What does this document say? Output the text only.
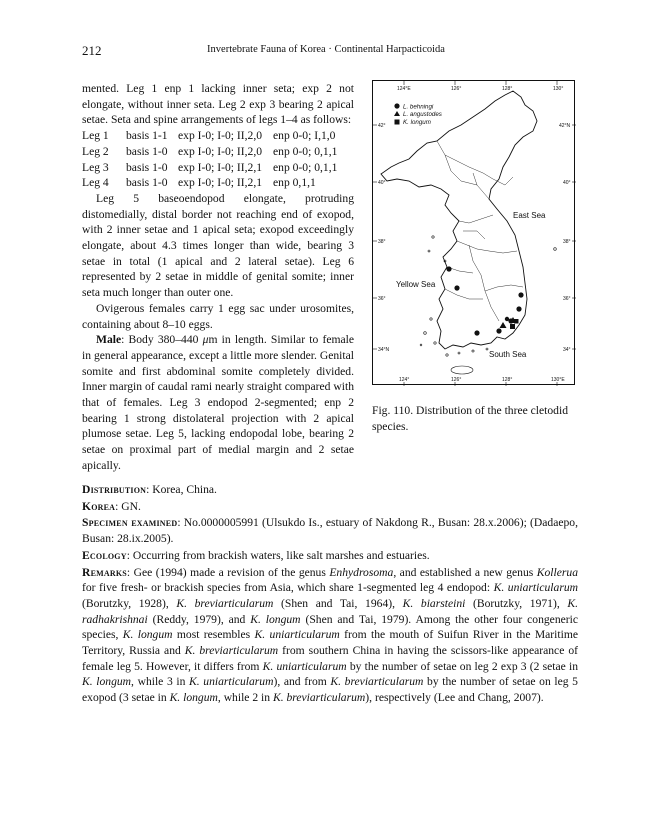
212	Invertebrate Fauna of Korea · Continental Harpacticoida

mented. Leg 1 enp 1 lacking inner seta; exp 2 not elongate, without inner seta. Leg 2 exp 3 bearing 2 apical setae. Seta and spine arrangements of legs 1–4 as follows:

Leg 1	basis 1-1 exp I-0; I-0; II,2,0 enp 0-0; I,1,0
Leg 2	basis 1-0 exp I-0; I-0; II,2,0 enp 0-0; 0,1,1
Leg 3	basis 1-0 exp I-0; I-0; II,2,1 enp 0-0; 0,1,1
Leg 4	basis 1-0 exp I-0; I-0; II,2,1 enp 0,1,1

Leg 5 baseoendopod elongate, protruding distomedially, distal border not reaching end of exopod, with 2 inner setae and 1 apical seta; exopod exceedingly elongate, about 4.3 times longer than wide, bearing 3 setae in total (1 apical and 2 lateral setae). Leg 6 represented by 2 setae in middle of genital somite; inner seta much longer than outer one.

Ovigerous females carry 1 egg sac under urosomites, containing about 8–10 eggs.

Male: Body 380–440 μm in length. Similar to female in general appearance, except a little more slender. Genital somite and first abdominal somite completely divided. Inner margin of caudal rami nearly straight compared with that of females. Leg 3 endopod 2-segmented; enp 2 bearing 1 strong distolateral projection with 2 apical plumose setae. Leg 5, lacking endopodal lobe, bearing 2 setae on proximal part of medial margin and 2 setae apically.

124°E	126°	128°	130°
124°	126°	128°	130°E
42°
40°
38°
36°
34°N
42°N
40°
38°
36°
34°
L. behningi
L. angustodes
K. longum
East Sea
Yellow Sea
South Sea
Fig. 110. Distribution of the three cletodid species.

Distribution: Korea, China.

Korea: GN.

Specimen examined: No.0000005991 (Ulsukdo Is., estuary of Nakdong R., Busan: 28.x.2006); (Dadaepo, Busan: 28.ix.2005).

Ecology: Occurring from brackish waters, like salt marshes and estuaries.

Remarks: Gee (1994) made a revision of the genus Enhydrosoma, and established a new genus Kollerua for five fresh- or brackish species from Asia, which share 1-segmented leg 4 endopod: K. uniarticularum (Borutzky, 1928), K. breviarticularum (Shen and Tai, 1964), K. biarsteini (Borutzky, 1971), K. radhakrishnai (Reddy, 1979), and K. longum (Shen and Tai, 1979). Among the other four congeneric species, K. longum most resembles K. uniarticularum from the mouth of Suifun River in the Maritime Territory, Russia and K. breviarticularum from southern China in having the scissors-like appearance of female leg 5. However, it differs from K. uniarticularum by the number of setae on leg 2 exp 3 (2 setae in K. longum, while 3 in K. uniarticularum), and from K. breviarticularum by the number of setae on leg 5 exopod (3 setae in K. longum, while 2 in K. breviarticularum), respectively (Lee and Chang, 2007).
